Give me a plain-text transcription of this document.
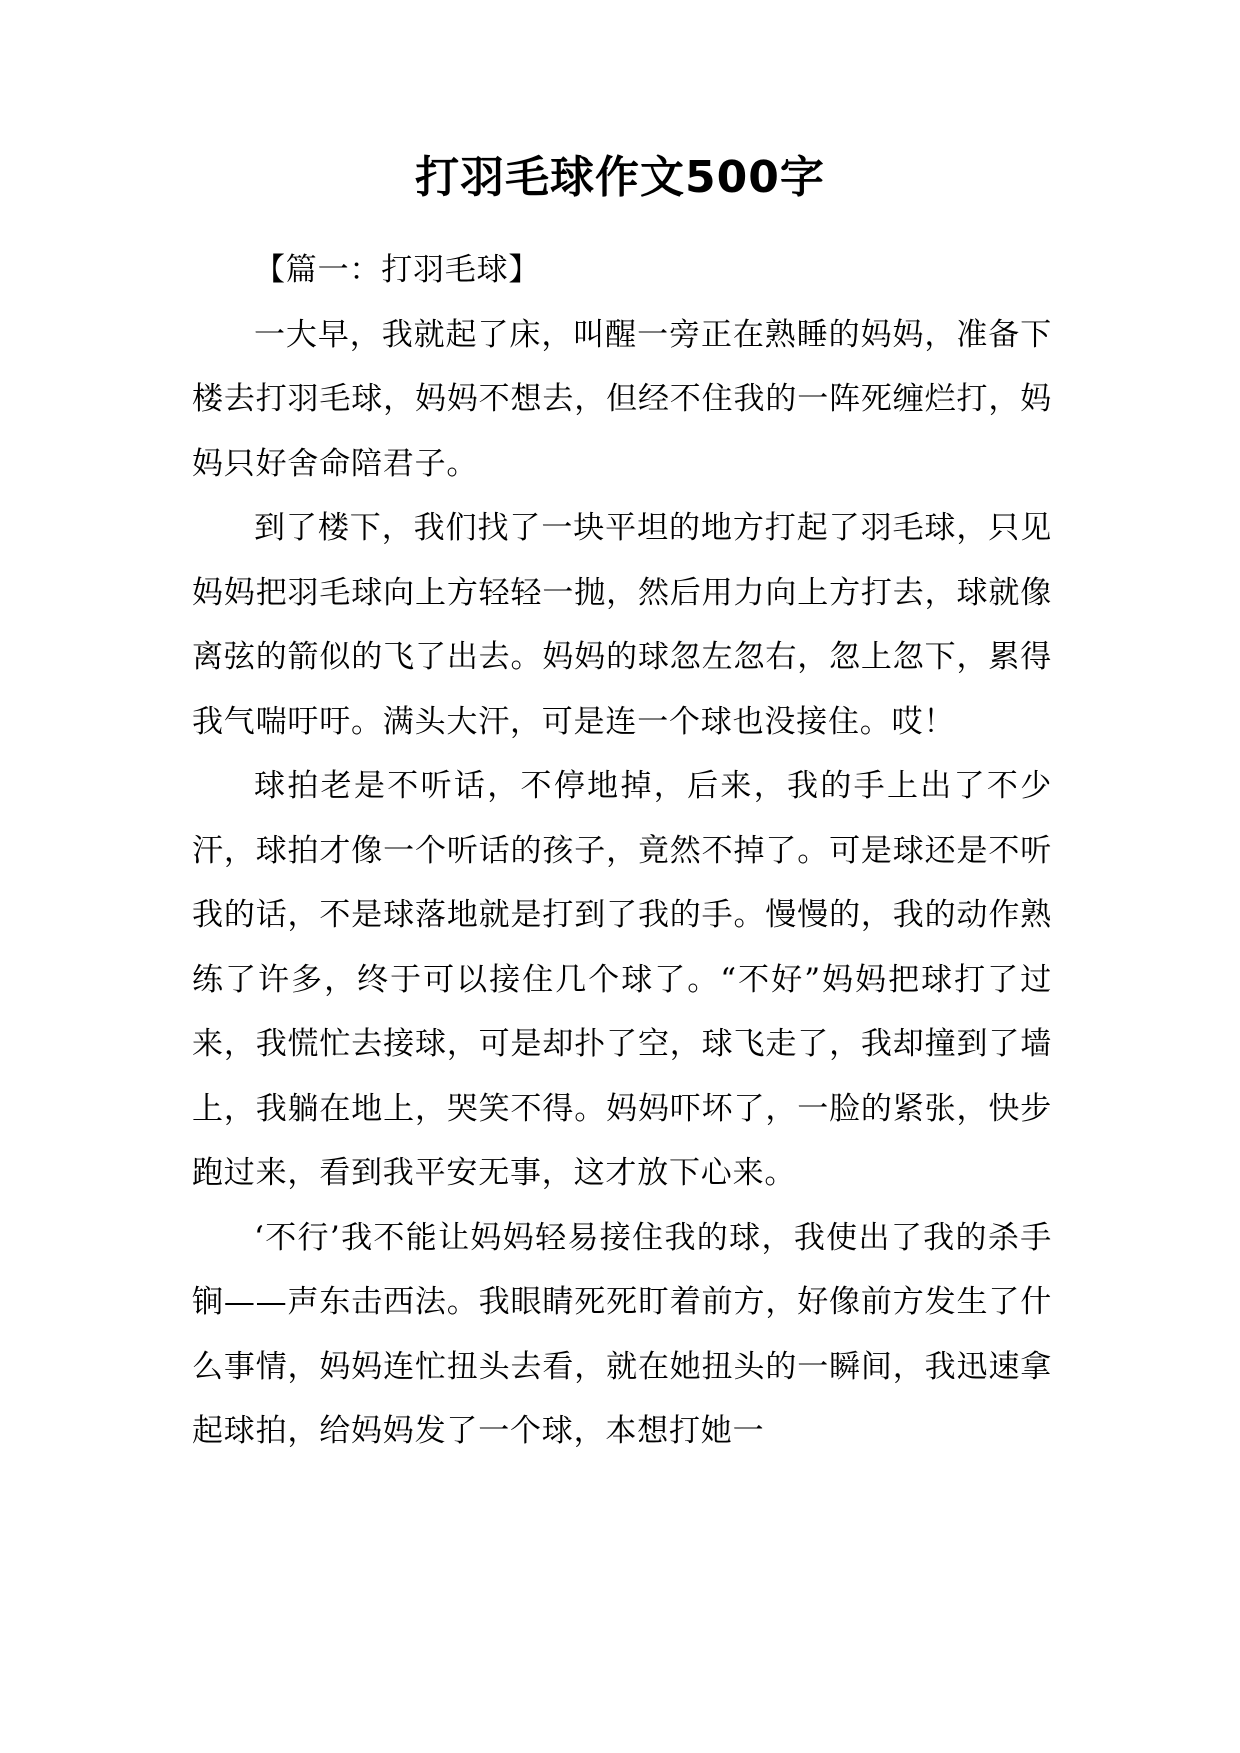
打羽毛球作文500字

【篇一：打羽毛球】

一大早，我就起了床，叫醒一旁正在熟睡的妈妈，准备下楼去打羽毛球，妈妈不想去，但经不住我的一阵死缠烂打，妈妈只好舍命陪君子。

到了楼下，我们找了一块平坦的地方打起了羽毛球，只见妈妈把羽毛球向上方轻轻一抛，然后用力向上方打去，球就像离弦的箭似的飞了出去。妈妈的球忽左忽右，忽上忽下，累得我气喘吁吁。满头大汗，可是连一个球也没接住。哎！

球拍老是不听话，不停地掉，后来，我的手上出了不少汗，球拍才像一个听话的孩子，竟然不掉了。可是球还是不听我的话，不是球落地就是打到了我的手。慢慢的，我的动作熟练了许多，终于可以接住几个球了。“不好”妈妈把球打了过来，我慌忙去接球，可是却扑了空，球飞走了，我却撞到了墙上，我躺在地上，哭笑不得。妈妈吓坏了，一脸的紧张，快步跑过来，看到我平安无事，这才放下心来。

‘不行’我不能让妈妈轻易接住我的球，我使出了我的杀手锏——声东击西法。我眼睛死死盯着前方，好像前方发生了什么事情，妈妈连忙扭头去看，就在她扭头的一瞬间，我迅速拿起球拍，给妈妈发了一个球，本想打她一
